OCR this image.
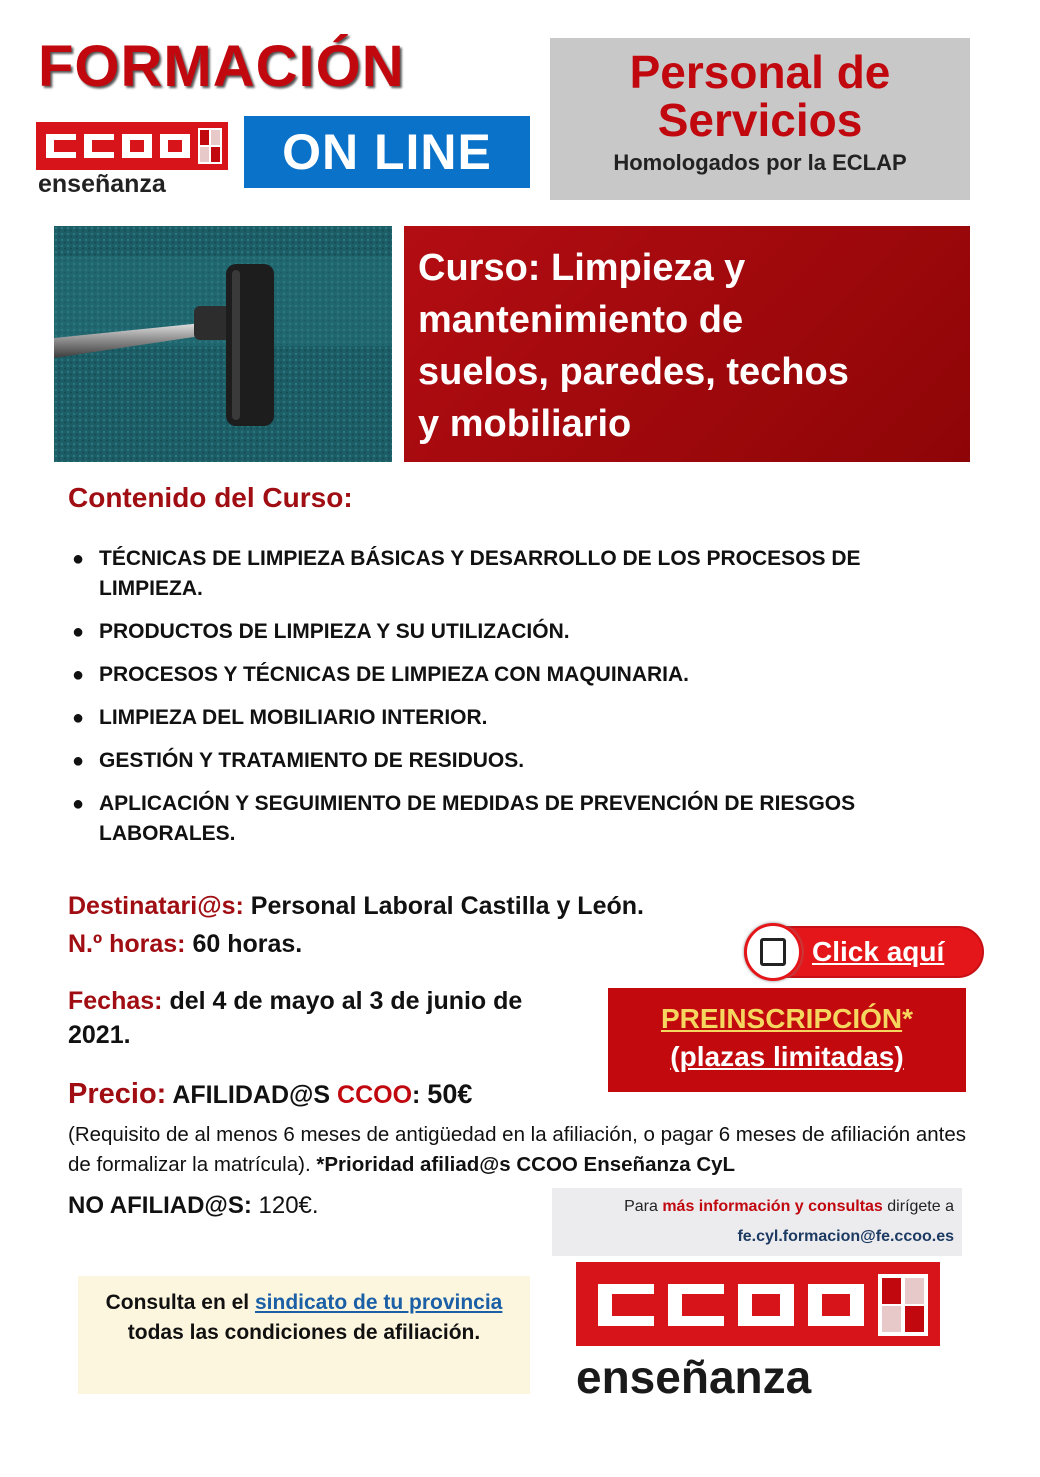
FORMACIÓN
enseñanza
ON LINE
Personal de
Servicios
Homologados por la ECLAP
Curso: Limpieza y
mantenimiento de
suelos, paredes, techos
y mobiliario
Contenido del Curso:
● TÉCNICAS DE LIMPIEZA BÁSICAS Y DESARROLLO DE LOS PROCESOS DE LIMPIEZA.
● PRODUCTOS DE LIMPIEZA Y SU UTILIZACIÓN.
● PROCESOS Y TÉCNICAS DE LIMPIEZA CON MAQUINARIA.
● LIMPIEZA DEL MOBILIARIO INTERIOR.
● GESTIÓN Y TRATAMIENTO DE RESIDUOS.
● APLICACIÓN Y SEGUIMIENTO DE MEDIDAS DE PREVENCIÓN DE RIESGOS LABORALES.
Destinatari@s: Personal Laboral Castilla y León.
N.º horas: 60 horas.
Fechas: del 4 de mayo al 3 de junio de 2021.
Click aquí
PREINSCRIPCIÓN*
(plazas limitadas)
Precio: AFILIDAD@S CCOO: 50€
(Requisito de al menos 6 meses de antigüedad en la afiliación, o pagar 6 meses de afiliación antes de formalizar la matrícula). *Prioridad afiliad@s CCOO Enseñanza CyL
NO AFILIAD@S: 120€.	Para más información y consultas dirígete a
fe.cyl.formacion@fe.ccoo.es
Consulta en el sindicato de tu provincia
todas las condiciones de afiliación.
enseñanza
